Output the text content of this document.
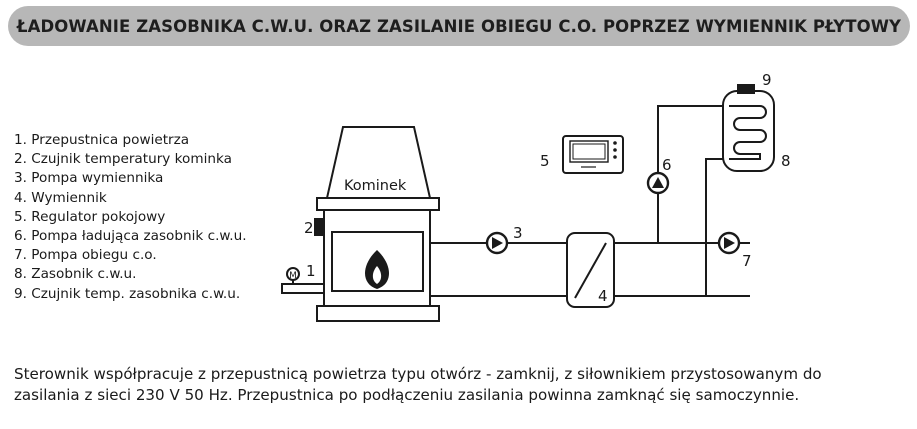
ŁADOWANIE ZASOBNIKA C.W.U. ORAZ ZASILANIE OBIEGU C.O. POPRZEZ WYMIENNIK PŁYTOWY
1. Przepustnica powietrza
2. Czujnik temperatury kominka
3. Pompa wymiennika
4. Wymiennik
5. Regulator pokojowy
6. Pompa ładująca zasobnik c.w.u.
7. Pompa obiegu c.o.
8. Zasobnik c.w.u.
9. Czujnik temp. zasobnika c.w.u.
Kominek
M 1
2	3
4
5	6
7
8
9

Sterownik współpracuje z przepustnicą powietrza typu otwórz - zamknij, z siłownikiem przystosowanym do

zasilania z sieci 230 V 50 Hz. Przepustnica po podłączeniu zasilania powinna zamknąć się samoczynnie.
